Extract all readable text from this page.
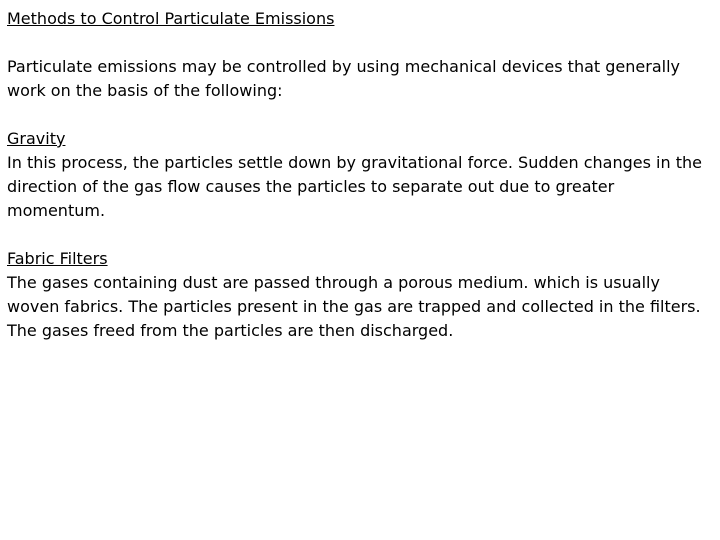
Methods to Control Particulate Emissions
Particulate emissions may be controlled by using mechanical devices that generally work on the basis of the following:
Gravity
In this process, the particles settle down by gravitational force. Sudden changes in the direction of the gas flow causes the particles to separate out due to greater momentum.
Fabric Filters
The gases containing dust are passed through a porous medium. which is usually woven fabrics. The particles present in the gas are trapped and collected in the filters. The gases freed from the particles are then discharged.
